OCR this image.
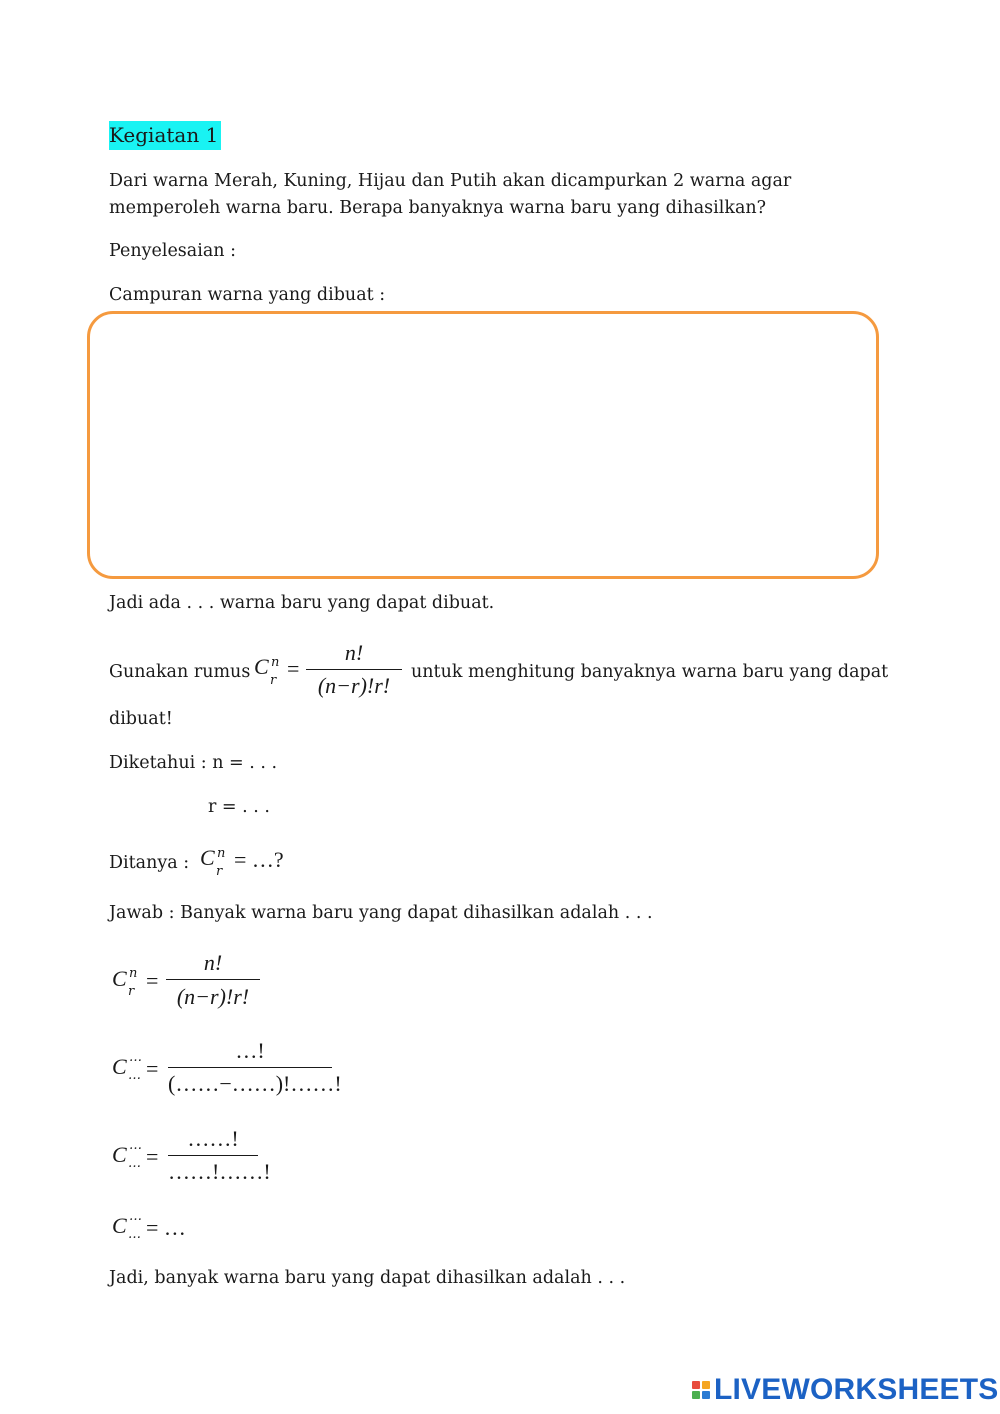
Kegiatan 1
Dari warna Merah, Kuning, Hijau dan Putih akan dicampurkan 2 warna agar memperoleh warna baru. Berapa banyaknya warna baru yang dihasilkan?
Penyelesaian :
Campuran warna yang dibuat :
Jadi ada . . . warna baru yang dapat dibuat.
Gunakan rumus C n
r =
n!
(n−r)!r!
untuk menghitung banyaknya warna baru yang dapat
dibuat!
Diketahui : n = . . .
r = . . .
Ditanya : C n
r = …?
Jawab : Banyak warna baru yang dapat dihasilkan adalah . . .
C n
r =
n!
(n−r)!r!
C …
… =
…!
(……−……)!……!
C …
… =
……!
……!……!
C …
… = …
Jadi, banyak warna baru yang dapat dihasilkan adalah . . .
LIVEWORKSHEETS
